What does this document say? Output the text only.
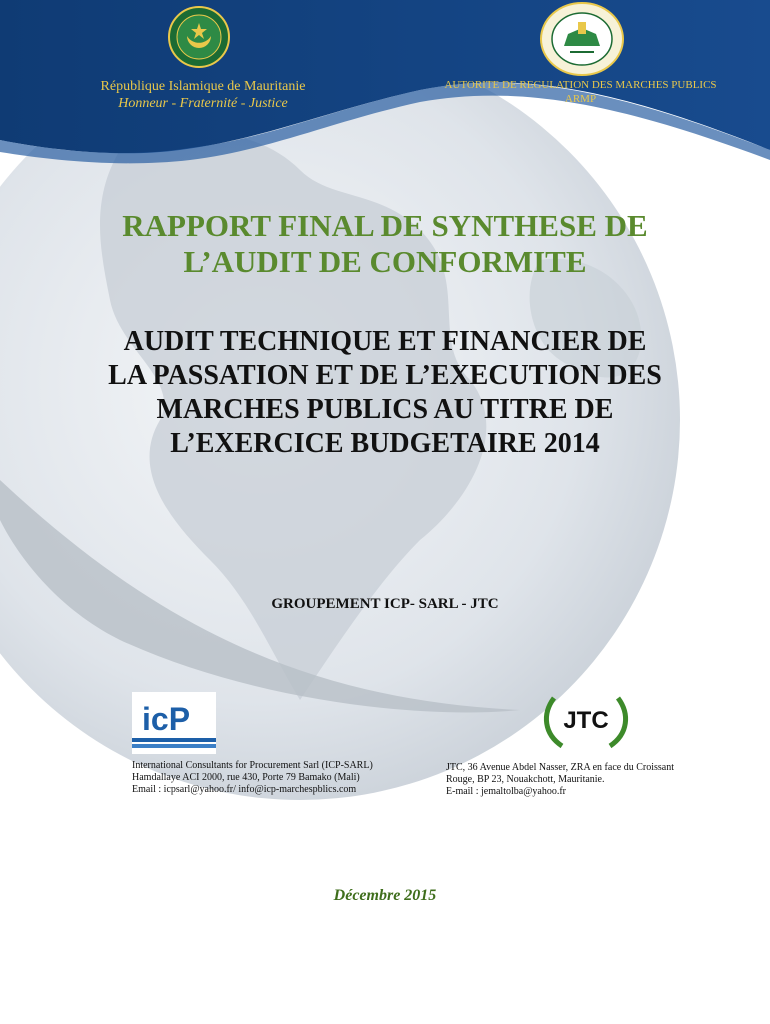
République Islamique de Mauritanie
Honneur - Fraternité - Justice
AUTORITE DE REGULATION DES MARCHES PUBLICS
ARMP
RAPPORT FINAL DE SYNTHESE DE
L’AUDIT DE CONFORMITE
AUDIT TECHNIQUE ET FINANCIER DE
LA PASSATION ET DE L’EXECUTION DES
MARCHES PUBLICS AU TITRE DE
L’EXERCICE BUDGETAIRE 2014
GROUPEMENT ICP- SARL - JTC
icP	JTC
International Consultants for Procurement Sarl (ICP-SARL)
Hamdallaye ACI 2000, rue 430, Porte 79 Bamako (Mali)
Email : icpsarl@yahoo.fr/ info@icp-marchespblics.com
JTC, 36 Avenue Abdel Nasser, ZRA en face du Croissant
Rouge, BP 23, Nouakchott, Mauritanie.
E-mail : jemaltolba@yahoo.fr
Décembre 2015
